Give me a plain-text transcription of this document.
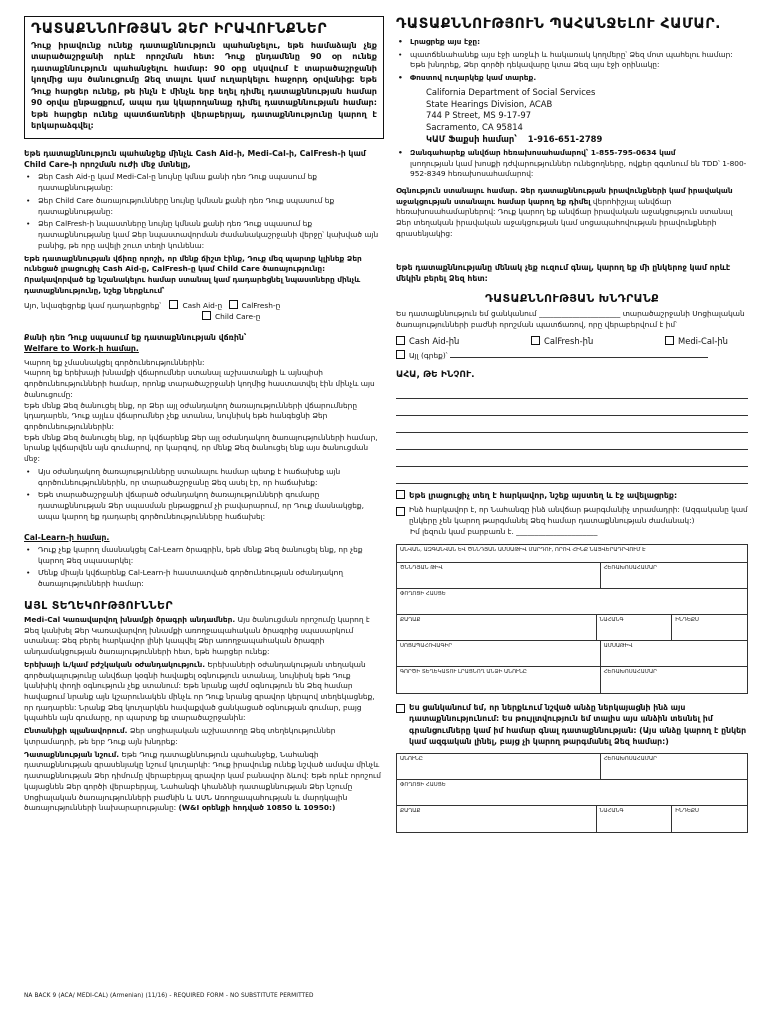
ԴԱՏԱՔՆՆՈՒԹՅԱՆ ՁԵՐ ԻՐԱՎՈՒՆՔՆԵՐ

Դուք իրավունք ունեք դատաքննություն պահանջելու, եթե համաձայն չեք տարածաշրջանի որևէ որոշման հետ: Դուք ընդամենը 90 օր ունեք դատաքննություն պահանջելու համար: 90 օրը սկսվում է տարածաշրջանի կողմից այս ծանուցումը Ձեզ տալու կամ ուղարկելու հաջորդ օրվանից: Եթե Դուք հարցեր ունեք, թե ինչն է մինչև երբ եղել դիմել դատաքննության համար 90 օրվա ընթացքում, ապա դա կկարողանաք դիմել դատաքննության համար: Եթե հարցեր ունեք պատճառների վերաբերյալ, դատաքննությունը կարող է երկարաձգվել:

Եթե դատաքննություն պահանջեք մինչև Cash Aid-ի, Medi-Cal-ի, CalFresh-ի կամ Child Care-ի որոշման ուժի մեջ մտնելը,
• Ձեր Cash Aid-ը կամ Medi-Cal-ը նույնը կմնա քանի դեռ Դուք սպասում եք դատաքննությանը:
• Ձեր Child Care ծառայությունները նույնը կմնան քանի դեռ Դուք սպասում եք դատաքննությանը:
• Ձեր CalFresh-ի նպաստները նույնը կմնան քանի դեռ Դուք սպասում եք դատաքննությանը կամ Ձեր նպաստավորման ժամանակաշրջանի վերջը՝ կախված այն բանից, թե որը ավելի շուտ տեղի կունենա:
Եթե դատաքննության վճիռը որոշի, որ մենք ճիշտ էինք, Դուք մեզ պարտք կլինեք Ձեր ունեցած լրացուցիչ Cash Aid-ը, CalFresh-ը կամ Child Care ծառայությունը: Որակավորված եք նշանակելու համար ստանալ կամ դադարեցնել նպաստները մինչև դատաքննությունը, նշեք ներքևում՝
Այո, նվազեցրեք կամ դադարեցրեք՝	Cash Aid-ը	CalFresh-ը
Child Care-ը
Քանի դեռ Դուք սպասում եք դատաքննության վճռին՝
Welfare to Work-ի համար.
Կարող եք չմասնակցել գործունեություններին:
Կարող եք երեխայի խնամքի վճարումներ ստանալ աշխատանքի և այնպիսի գործունեությունների համար, որոնք տարածաշրջանի կողմից հաստատվել էին մինչև այս ծանուցումը:
Եթե մենք Ձեզ ծանուցել ենք, որ Ձեր այլ օժանդակող ծառայությունների վճարումները կդադարեն, Դուք այլևս վճարումներ չեք ստանա, նույնիսկ եթե հանգեցնի Ձեր գործունեություններին:
Եթե մենք Ձեզ ծանուցել ենք, որ կվճարենք Ձեր այլ օժանդակող ծառայությունների համար, նրանք կվճարվեն այն գումարով, որ կարգով, որ մենք Ձեզ ծանուցել ենք այս ծանուցման մեջ:
• Այս օժանդակող ծառայությունները ստանալու համար պետք է հաճախեք այն գործունեություններին, որ տարածաշրջանը Ձեզ ասել էր, որ հաճախեք:
• Եթե տարածաշրջանի վճարած օժանդակող ծառայությունների գումարը դատաքննության Ձեր սպասման ընթացքում չի բավարարում, որ Դուք մասնակցեք, ապա կարող եք դադարել գործունեությունները հաճախել:
Cal-Learn-ի համար.
• Դուք չեք կարող մասնակցել Cal-Learn ծրագրին, եթե մենք Ձեզ ծանուցել ենք, որ չեք կարող Ձեզ սպասարկել:
• Մենք միայն կվճարենք Cal-Learn-ի հաստատված գործունեության օժանդակող ծառայությունների համար:
ԱՅԼ ՏԵՂԵԿՈՒԹՅՈՒՆՆԵՐ
Medi-Cal Կառավարվող խնամքի ծրագրի անդամներ. Այս ծանուցման որոշումը կարող է Ձեզ կանխել Ձեր Կառավարվող խնամքի առողջապահական ծրագրից սպասարկում ստանալ: Ձեզ բերել հարկավոր լինի կապվել Ձեր առողջապահական ծրագրի անդամակցության ծառայությունների հետ, եթե հարցեր ունեք:
Երեխայի և/կամ բժշկական օժանդակություն. Երեխաների օժանդակության տեղական գործակալությունը անվճար կօգնի հավաքել օգնություն ստանալ, նույնիսկ եթե Դուք կանխիկ փողի օգնություն չեք ստանում: Եթե նրանք այժմ օգնություն են Ձեզ համար հավաքում նրանք այն կշարունակեն մինչև որ Դուք նրանց գրավոր կերպով տեղեկացնեք, որ դադարեն: Նրանք Ձեզ կուղարկեն հավաքված ցանկացած օգնության գումար, բայց կպահեն այն գումարը, որ պարտք եք տարածաշրջանին:
Ընտանիքի պլանավորում. Ձեր սոցիալական աշխատողը Ձեզ տեղեկություններ կտրամադրի, թե երբ Դուք այն խնդրեք:
Դատաքննության նշում. Եթե Դուք դատաքննություն պահանջեք, Նահանգի դատաքննության գրասենյակը նշում կուղարկի: Դուք իրավունք ունեք նշված ամսվա մինչև դատաքննության Ձեր դիմումը վերաբերյալ գրավոր կամ բանավոր ձևով: Եթե որևէ որոշում կայացնեն Ձեր գործի վերաբերյալ, Նահանգի կհանձնի դատաքննության Ձեր նշումը Սոցիալական ծառայությունների բաժնին և ԱՄՆ Առողջապահության և մարդկային ծառայությունների նախարարությանը: (W&I օրենքի հոդված 10850 և 10950:)
NA BACK 9 (ACA/ MEDI-CAL) (Armenian) (11/16) - REQUIRED FORM - NO SUBSTITUTE PERMITTED
ԴԱՏԱՔՆՆՈՒԹՅՈՒՆ ՊԱՀԱՆՋԵԼՈՒ ՀԱՄԱՐ.
• Լրացրեք այս էջը:
• պատճենահանեք այս էջի առջևի և հակառակ կողմերը՝ Ձեզ մոտ պահելու համար:
Եթե խնդրեք, Ձեր գործի դեկավարը կտա Ձեզ այս էջի օրինակը:
• Փոստով ուղարկեք կամ տարեք.
California Department of Social Services
State Hearings Division, ACAB
744 P Street, MS 9-17-97
Sacramento, CA 95814
ԿԱՄ Ֆաքսի համար՝ 1-916-651-2789
• Զանգահարեք անվճար հեռախոսահամարով՝ 1-855-795-0634 կամ
լսողության կամ խոսքի դժվարություններ ունեցողները, ովքեր զգտնում են TDD՝ 1-800-952-8349 հեռախոսահամարով:
Օգնություն ստանալու համար. Ձեր դատաքննության իրավունքների կամ իրավական աջակցության ստանալու համար կարող եք դիմել վերոհիշյալ անվճար հեռախոսահամարներով: Դուք կարող եք անվճար իրավական աջակցություն ստանալ Ձեր տեղական իրավական աջակցության կամ սոցապահովության իրավունքների գրասենյակից:
Եթե դատաքննությանը մենակ չեք ուզում գնալ, կարող եք մի ընկերոջ կամ որևէ մեկին բերել Ձեզ հետ:
ԴԱՏԱՔՆՆՈՒԹՅԱՆ ԽՆԴՐԱՆՔ
Ես դատաքննություն եմ ցանկանում ______________________ տարածաշրջանի Սոցիալական ծառայությունների բաժնի որոշման պատճառով, որը վերաբերվում է իմ՝
Cash Aid-ին	CalFresh-ին	Medi-Cal-ին
Այլ (գրեք)՝
ԱՀԱ, ԹԵ ԻՆՉՈՒ.
Եթե լրացուցիչ տեղ է հարկավոր, նշեք այստեղ և էջ ավելացրեք:
Ինձ հարկավոր է, որ Նահանգը ինձ անվճար թարգմանիչ տրամադրի: (Ազգականը կամ ընկերը չեն կարող թարգմանել Ձեզ համար դատաքննության ժամանակ:)
Իմ լեզուն կամ բարբառն է. ______________________
ԱՆՎԱՆ, ԱԶԳԱՆՎԱՆ ԵՎ ԾՆՆԴՅԱՆ ԱՄՍԱԹԻՎ ՄԱՐԴՈՒ, ՈՐՈՎ ՀԻՆՔ ՆԱՅՎԵՐԱԴՐՎՈՒՄ Է
ԾՆՆԴՅԱՆ ԹԻՎ	ՀԵՌԱԽՈՍԱՀԱՄԱՐ
ՓՈՂՈՑԻ ՀԱՍՑԵ
ՔԱՂԱՔ	ՆԱՀԱՆԳ	ԻՆԴԵՔՍ
ՍՈՑԱՊԱՀՈՎԱԳԻՐ	ԱՄՍԱԹԻՎ
ԳՈՐԾԻ ՏԵՂԵԿԱՏՈՒ ԼՐԱՑՆՈՂ ԱՆՁԻ ԱՆՈՒՆԸ	ՀԵՌԱԽՈՍԱՀԱՄԱՐ
Ես ցանկանում եմ, որ ներքևում նշված անձը ներկայացնի ինձ այս դատաքննությունում: Ես թույլտվություն եմ տալիս այս անձին տեսնել իմ գրանցումները կամ իմ համար գնալ դատաքննության: (Այս անձը կարող է ընկեր կամ ազգական լինել, բայց չի կարող թարգմանել Ձեզ համար:)
ԱՆՈՒՆԸ	ՀԵՌԱԽՈՍԱՀԱՄԱՐ
ՓՈՂՈՑԻ ՀԱՍՑԵ
ՔԱՂԱՔ	ՆԱՀԱՆԳ	ԻՆԴԵՔՍ
